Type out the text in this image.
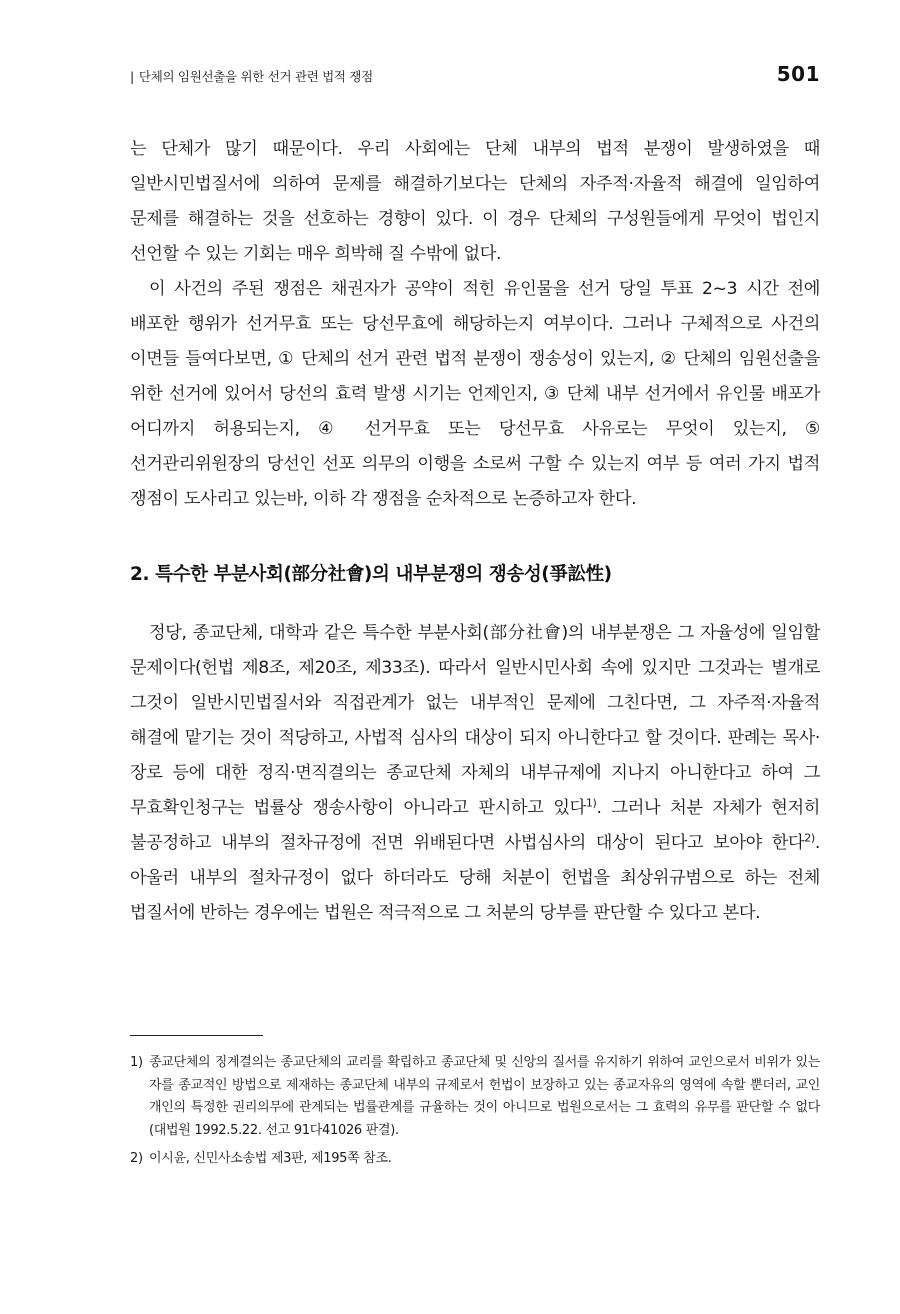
| 단체의 임원선출을 위한 선거 관련 법적 쟁점	501

는 단체가 많기 때문이다. 우리 사회에는 단체 내부의 법적 분쟁이 발생하였을 때 일반시민법질서에 의하여 문제를 해결하기보다는 단체의 자주적·자율적 해결에 일임하여 문제를 해결하는 것을 선호하는 경향이 있다. 이 경우 단체의 구성원들에게 무엇이 법인지 선언할 수 있는 기회는 매우 희박해 질 수밖에 없다.

이 사건의 주된 쟁점은 채권자가 공약이 적힌 유인물을 선거 당일 투표 2~3 시간 전에 배포한 행위가 선거무효 또는 당선무효에 해당하는지 여부이다. 그러나 구체적으로 사건의 이면들 들여다보면, ① 단체의 선거 관련 법적 분쟁이 쟁송성이 있는지, ② 단체의 임원선출을 위한 선거에 있어서 당선의 효력 발생 시기는 언제인지, ③ 단체 내부 선거에서 유인물 배포가 어디까지 허용되는지, ④ 선거무효 또는 당선무효 사유로는 무엇이 있는지, ⑤ 선거관리위원장의 당선인 선포 의무의 이행을 소로써 구할 수 있는지 여부 등 여러 가지 법적 쟁점이 도사리고 있는바, 이하 각 쟁점을 순차적으로 논증하고자 한다.

2. 특수한 부분사회(部分社會)의 내부분쟁의 쟁송성(爭訟性)

정당, 종교단체, 대학과 같은 특수한 부분사회(部分社會)의 내부분쟁은 그 자율성에 일임할 문제이다(헌법 제8조, 제20조, 제33조). 따라서 일반시민사회 속에 있지만 그것과는 별개로 그것이 일반시민법질서와 직접관계가 없는 내부적인 문제에 그친다면, 그 자주적·자율적 해결에 맡기는 것이 적당하고, 사법적 심사의 대상이 되지 아니한다고 할 것이다. 판례는 목사·장로 등에 대한 정직·면직결의는 종교단체 자체의 내부규제에 지나지 아니한다고 하여 그 무효확인청구는 법률상 쟁송사항이 아니라고 판시하고 있다$^{1)}$. 그러나 처분 자체가 현저히 불공정하고 내부의 절차규정에 전면 위배된다면 사법심사의 대상이 된다고 보아야 한다$^{2)}$. 아울러 내부의 절차규정이 없다 하더라도 당해 처분이 헌법을 최상위규범으로 하는 전체 법질서에 반하는 경우에는 법원은 적극적으로 그 처분의 당부를 판단할 수 있다고 본다.

1) 종교단체의 징계결의는 종교단체의 교리를 확립하고 종교단체 및 신앙의 질서를 유지하기 위하여 교인으로서 비위가 있는 자를 종교적인 방법으로 제재하는 종교단체 내부의 규제로서 헌법이 보장하고 있는 종교자유의 영역에 속할 뿐더러, 교인 개인의 특정한 권리의무에 관계되는 법률관계를 규율하는 것이 아니므로 법원으로서는 그 효력의 유무를 판단할 수 없다(대법원 1992.5.22. 선고 91다41026 판결).
2) 이시윤, 신민사소송법 제3판, 제195쪽 참조.
